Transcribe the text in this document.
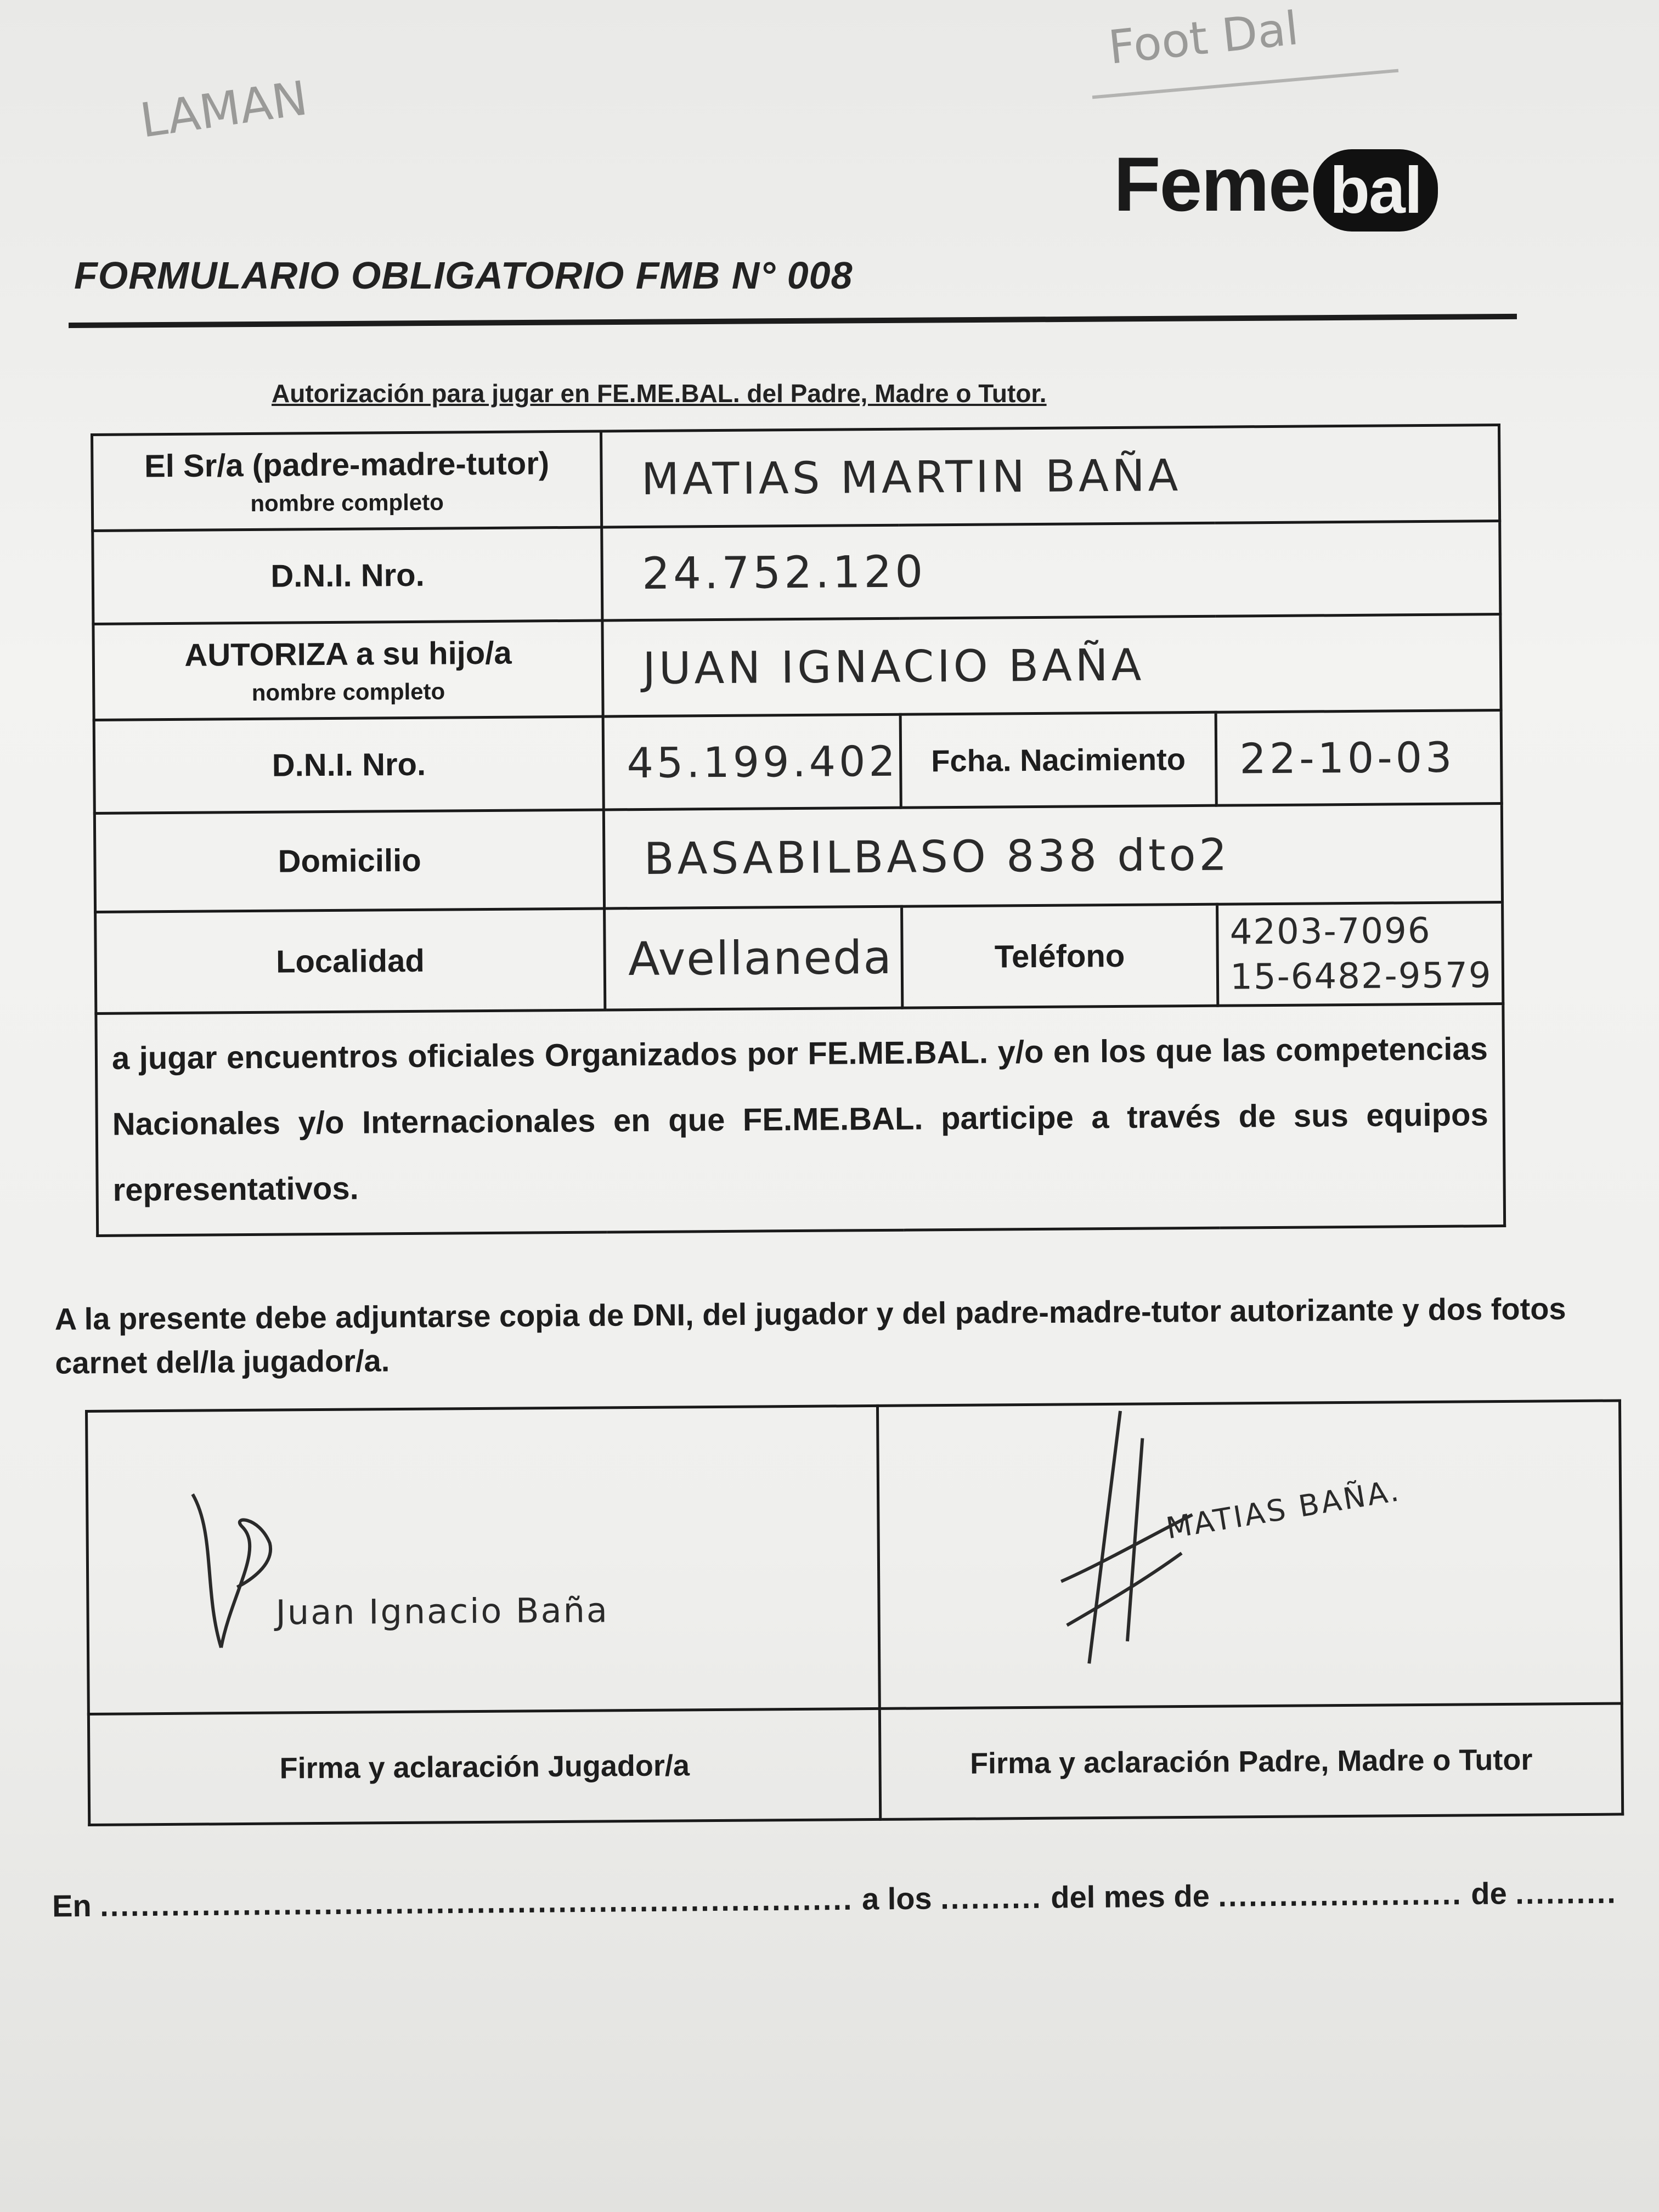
LAMAN
Foot Dal
Feme bal
FORMULARIO OBLIGATORIO FMB N° 008
Autorización para jugar en FE.ME.BAL. del Padre, Madre o Tutor.
El Sr/a (padre-madre-tutor)
nombre completo	MATIAS MARTIN BAÑA		
D.N.I. Nro.	24.752.120		
AUTORIZA a su hijo/a
nombre completo	JUAN IGNACIO BAÑA		
D.N.I. Nro.	45.199.402	Fcha. Nacimiento	22-10-03
Domicilio	BASABILBASO 838 dto2		
Localidad	Avellaneda	Teléfono	4203-7096
15-6482-9579

a jugar encuentros oficiales Organizados por FE.ME.BAL. y/o en los que las competencias Nacionales y/o Internacionales en que FE.ME.BAL. participe a través de sus equipos representativos.			
A la presente debe adjuntarse copia de DNI, del jugador y del padre-madre-tutor autorizante y dos fotos carnet del/la jugador/a.
Juan Ignacio Baña	MATIAS BAÑA.

Firma y aclaración Jugador/a	Firma y aclaración Padre, Madre o Tutor
En .......................................................................... a los .......... del mes de ........................ de ..........
